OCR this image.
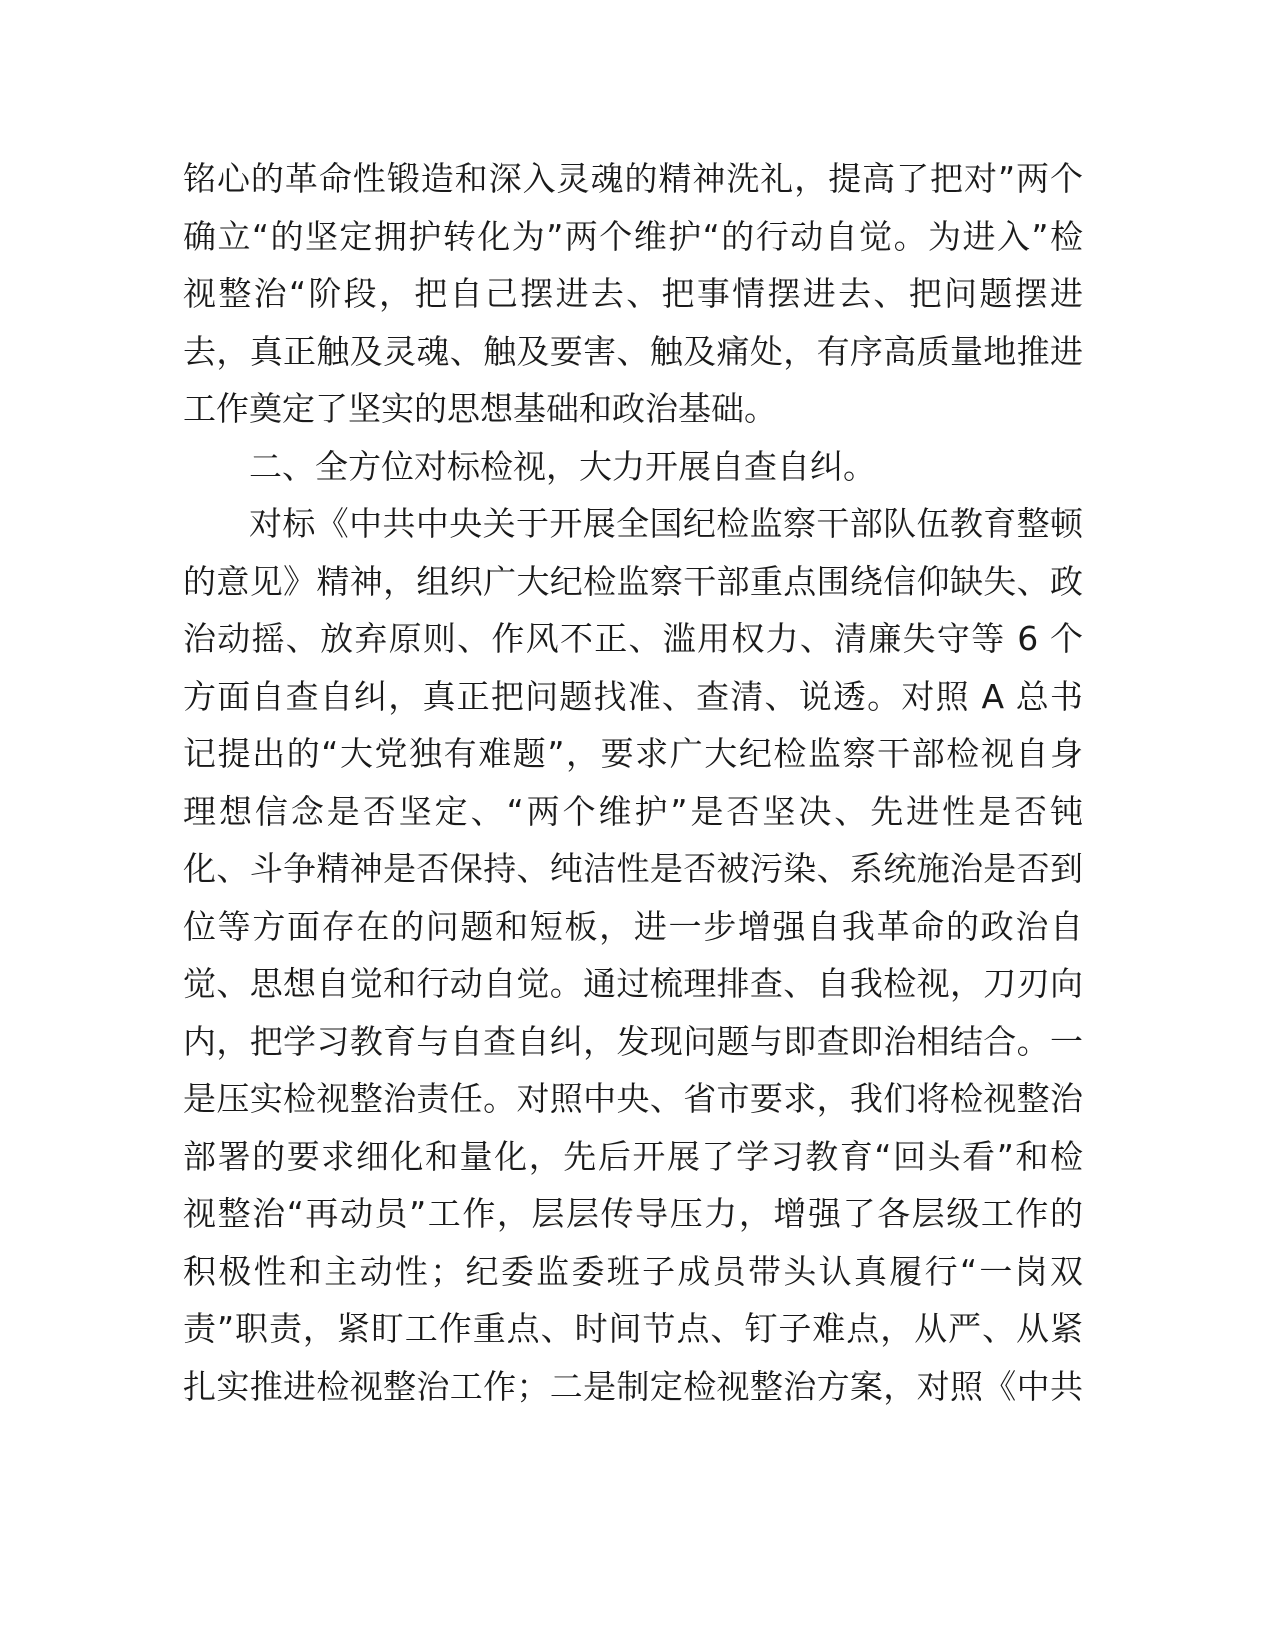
铭心的革命性锻造和深入灵魂的精神洗礼，提高了把对”两个
确立“的坚定拥护转化为”两个维护“的行动自觉。为进入”检
视整治“阶段，把自己摆进去、把事情摆进去、把问题摆进
去，真正触及灵魂、触及要害、触及痛处，有序高质量地推进
工作奠定了坚实的思想基础和政治基础。
二、全方位对标检视，大力开展自查自纠。
对标《中共中央关于开展全国纪检监察干部队伍教育整顿
的意见》精神，组织广大纪检监察干部重点围绕信仰缺失、政
治动摇、放弃原则、作风不正、滥用权力、清廉失守等 6 个
方面自查自纠，真正把问题找准、查清、说透。对照 A 总书
记提出的“大党独有难题”，要求广大纪检监察干部检视自身
理想信念是否坚定、“两个维护”是否坚决、先进性是否钝
化、斗争精神是否保持、纯洁性是否被污染、系统施治是否到
位等方面存在的问题和短板，进一步增强自我革命的政治自
觉、思想自觉和行动自觉。通过梳理排查、自我检视，刀刃向
内，把学习教育与自查自纠，发现问题与即查即治相结合。一
是压实检视整治责任。对照中央、省市要求，我们将检视整治
部署的要求细化和量化，先后开展了学习教育“回头看”和检
视整治“再动员”工作，层层传导压力，增强了各层级工作的
积极性和主动性；纪委监委班子成员带头认真履行“一岗双
责”职责，紧盯工作重点、时间节点、钉子难点，从严、从紧
扎实推进检视整治工作；二是制定检视整治方案，对照《中共
